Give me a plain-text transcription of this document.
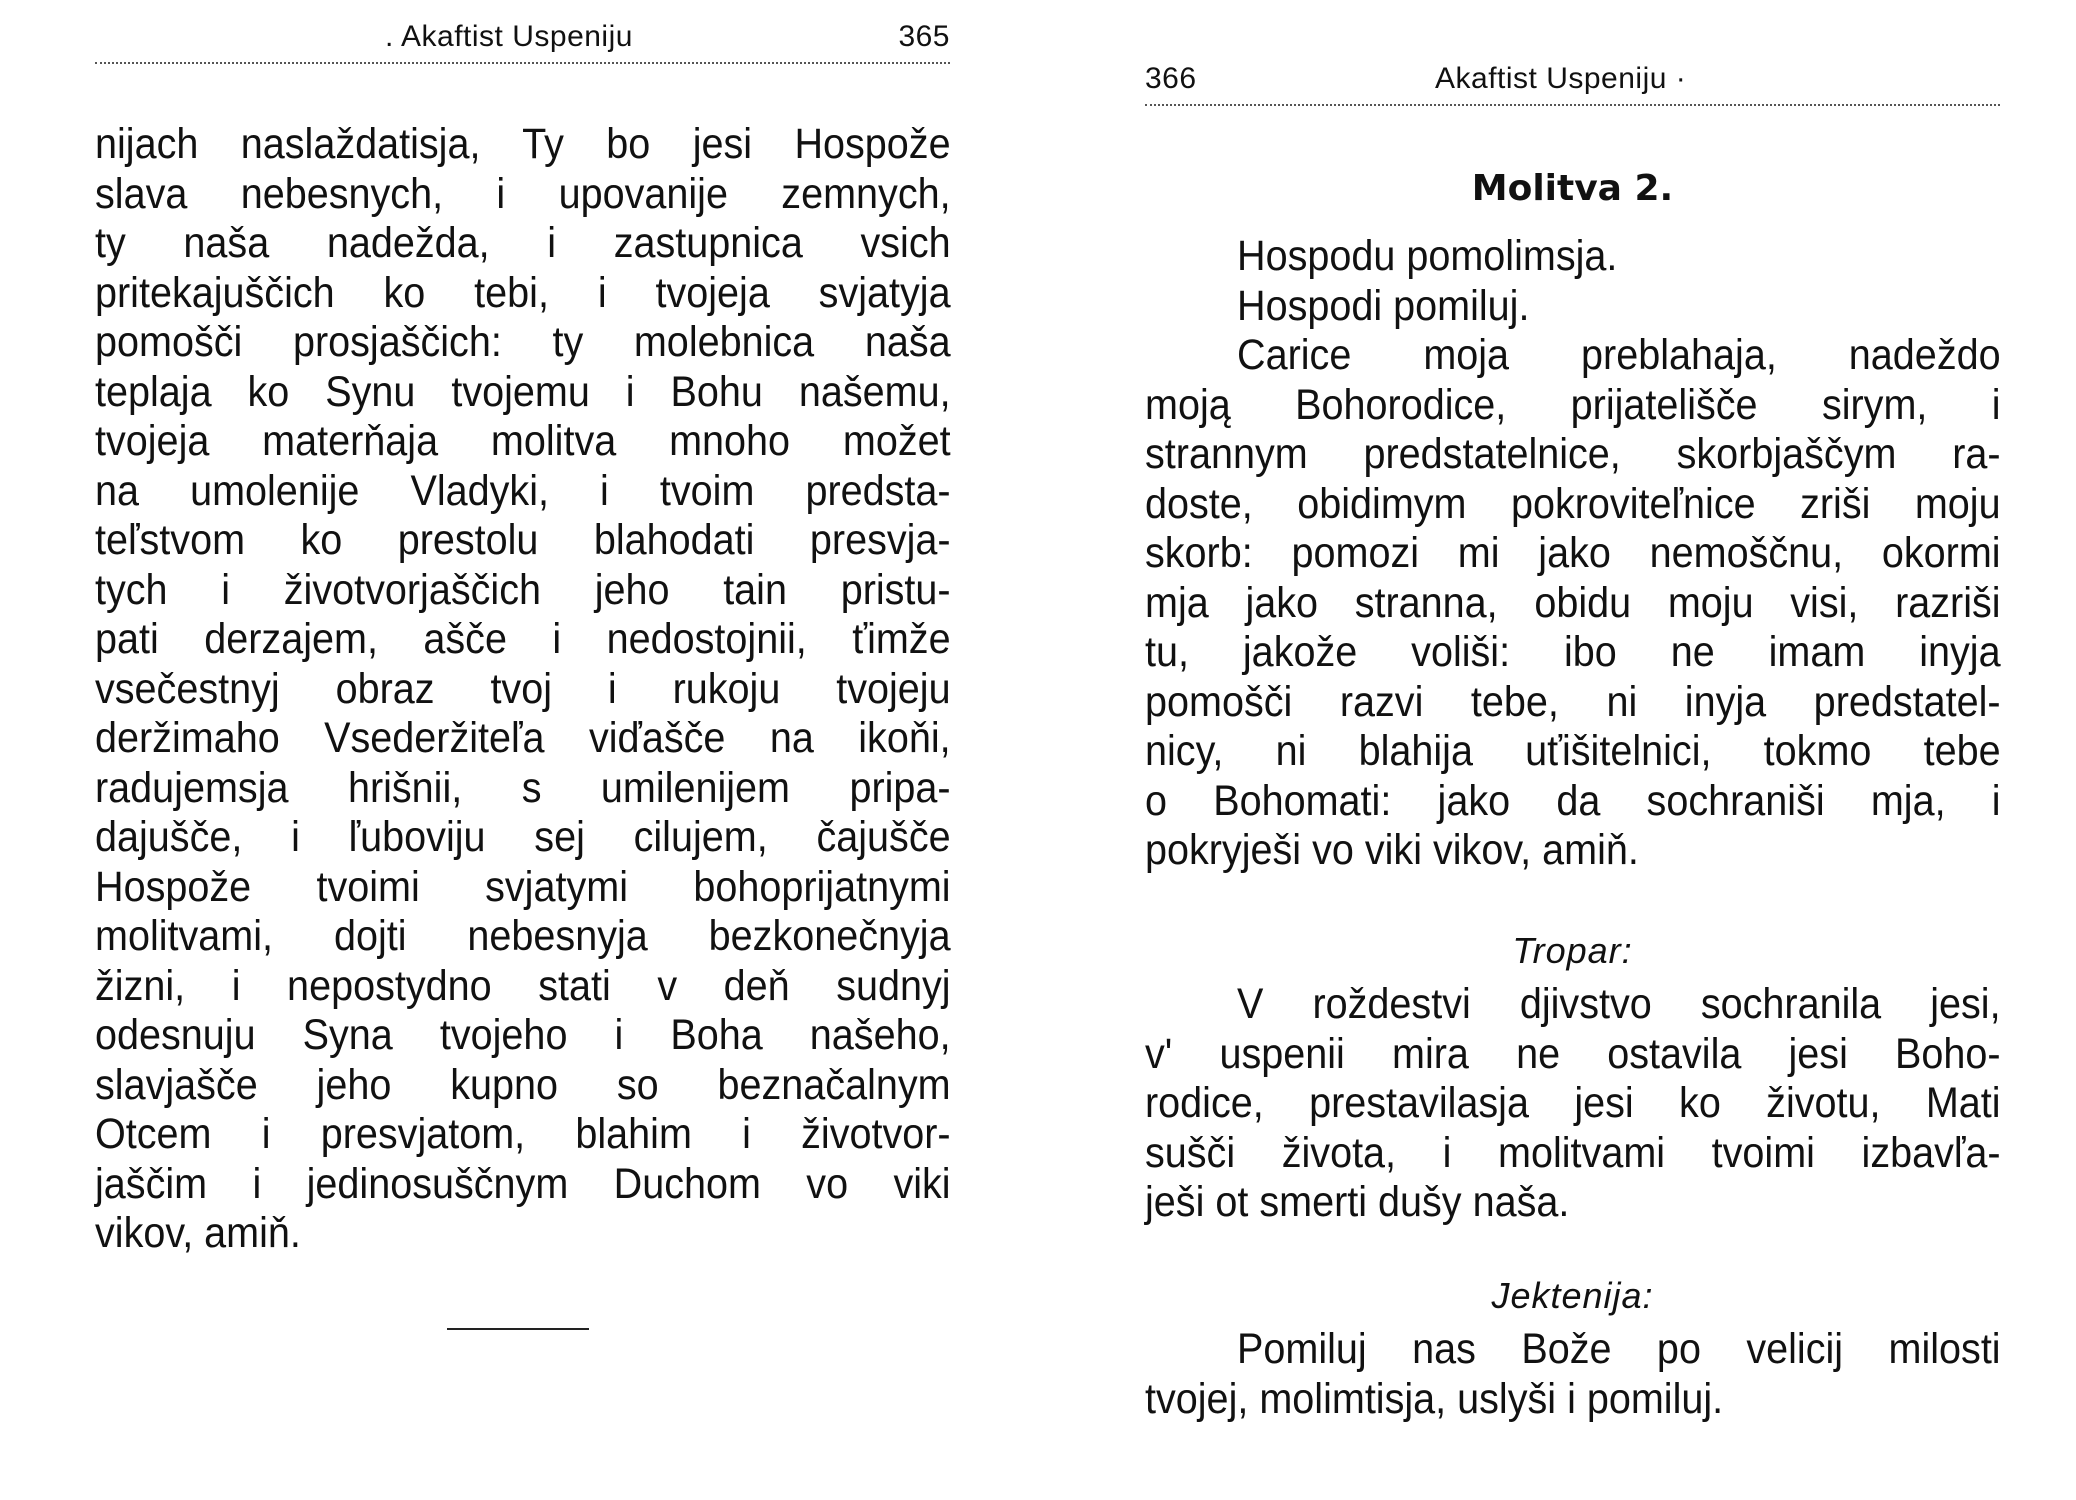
. Akaftist Uspeniju	365
nijach naslaždatisja, Ty bo jesi Hospože
slava nebesnych, i upovanije zemnych,
ty naša nadežda, i zastupnica vsich
pritekajuščich ko tebi, i tvojeja svjatyja
pomošči prosjaščich: ty molebnica naša
teplaja ko Synu tvojemu i Bohu našemu,
tvojeja materňaja molitva mnoho možet
na umolenije Vladyki, i tvoim predsta-
teľstvom ko prestolu blahodati presvja-
tych i životvorjaščich jeho tain pristu-
pati derzajem, ašče i nedostojnii, ťimže
vsečestnyj obraz tvoj i rukoju tvojeju
deržimaho Vsederžiteľa viďašče na ikoňi,
radujemsja hrišnii, s umilenijem pripa-
dajušče, i ľuboviju sej cilujem, čajušče
Hospože tvoimi svjatymi bohoprijatnymi
molitvami, dojti nebesnyja bezkonečnyja
žizni, i nepostydno stati v deň sudnyj
odesnuju Syna tvojeho i Boha našeho,
slavjašče jeho kupno so beznačalnym
Otcem i presvjatom, blahim i životvor-
jaščim i jedinosuščnym Duchom vo viki
vikov, amiň.
366	Akaftist Uspeniju ·
Molitva 2.
Hospodu pomolimsja.
Hospodi pomiluj.
Carice moja preblahaja, nadeždo
moją Bohorodice, prijatelišče sirym, i
strannym predstatelnice, skorbjaščym ra-
doste, obidimym pokroviteľnice zriši moju
skorb: pomozi mi jako nemoščnu, okormi
mja jako stranna, obidu moju visi, razriši
tu, jakože voliši: ibo ne imam inyja
pomošči razvi tebe, ni inyja predstatel-
nicy, ni blahija uťišitelnici, tokmo tebe
o Bohomati: jako da sochraniši mja, i
pokryješi vo viki vikov, amiň.
Tropar:
V roždestvi djivstvo sochranila jesi,
v' uspenii mira ne ostavila jesi Boho-
rodice, prestavilasja jesi ko životu, Mati
sušči života, i molitvami tvoimi izbavľa-
ješi ot smerti dušy naša.
Jektenija:
Pomiluj nas Bože po velicij milosti
tvojej, molimtisja, uslyši i pomiluj.
